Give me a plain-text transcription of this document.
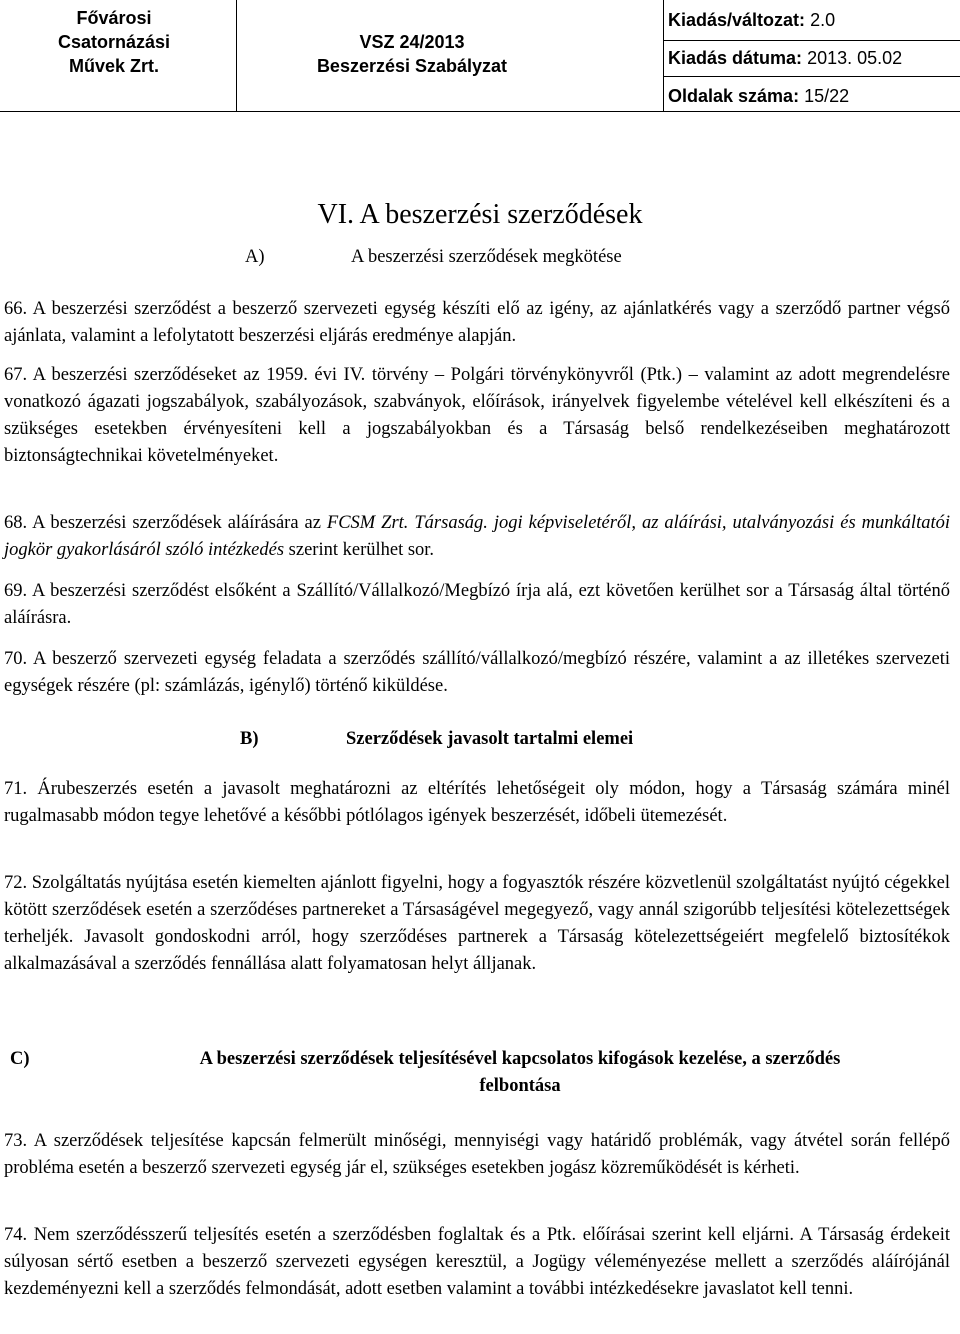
Fővárosi
Csatornázási
Művek Zrt.
VSZ 24/2013
Beszerzési Szabályzat
Kiadás/változat: 2.0
Kiadás dátuma: 2013. 05.02
Oldalak száma: 15/22
VI. A beszerzési szerződések
A)	A beszerzési szerződések megkötése

66. A beszerzési szerződést a beszerző szervezeti egység készíti elő az igény, az ajánlatkérés vagy a szerződő partner végső ajánlata, valamint a lefolytatott beszerzési eljárás eredménye alapján.

67. A beszerzési szerződéseket az 1959. évi IV. törvény – Polgári törvénykönyvről (Ptk.) – valamint az adott megrendelésre vonatkozó ágazati jogszabályok, szabályozások, szabványok, előírások, irányelvek figyelembe vételével kell elkészíteni és a szükséges esetekben érvényesíteni kell a jogszabályokban és a Társaság belső rendelkezéseiben meghatározott biztonságtechnikai követelményeket.

68. A beszerzési szerződések aláírására az FCSM Zrt. Társaság. jogi képviseletéről, az aláírási, utalványozási és munkáltatói jogkör gyakorlásáról szóló intézkedés szerint kerülhet sor.

69. A beszerzési szerződést elsőként a Szállító/Vállalkozó/Megbízó írja alá, ezt követően kerülhet sor a Társaság által történő aláírásra.

70. A beszerző szervezeti egység feladata a szerződés szállító/vállalkozó/megbízó részére, valamint a az illetékes szervezeti egységek részére (pl: számlázás, igénylő) történő kiküldése.

B)	Szerződések javasolt tartalmi elemei

71. Árubeszerzés esetén a javasolt meghatározni az eltérítés lehetőségeit oly módon, hogy a Társaság számára minél rugalmasabb módon tegye lehetővé a későbbi pótlólagos igények beszerzését, időbeli ütemezését.

72. Szolgáltatás nyújtása esetén kiemelten ajánlott figyelni, hogy a fogyasztók részére közvetlenül szolgáltatást nyújtó cégekkel kötött szerződések esetén a szerződéses partnereket a Társaságével megegyező, vagy annál szigorúbb teljesítési kötelezettségek terheljék. Javasolt gondoskodni arról, hogy szerződéses partnerek a Társaság kötelezettségeiért megfelelő biztosítékok alkalmazásával a szerződés fennállása alatt folyamatosan helyt álljanak.

C)	A beszerzési szerződések teljesítésével kapcsolatos kifogások kezelése, a szerződés
felbontása

73. A szerződések teljesítése kapcsán felmerült minőségi, mennyiségi vagy határidő problémák, vagy átvétel során fellépő probléma esetén a beszerző szervezeti egység jár el, szükséges esetekben jogász közreműködését is kérheti.

74. Nem szerződésszerű teljesítés esetén a szerződésben foglaltak és a Ptk. előírásai szerint kell eljárni. A Társaság érdekeit súlyosan sértő esetben a beszerző szervezeti egységen keresztül, a Jogügy véleményezése mellett a szerződés aláírójánál kezdeményezni kell a szerződés felmondását, adott esetben valamint a további intézkedésekre javaslatot kell tenni.
